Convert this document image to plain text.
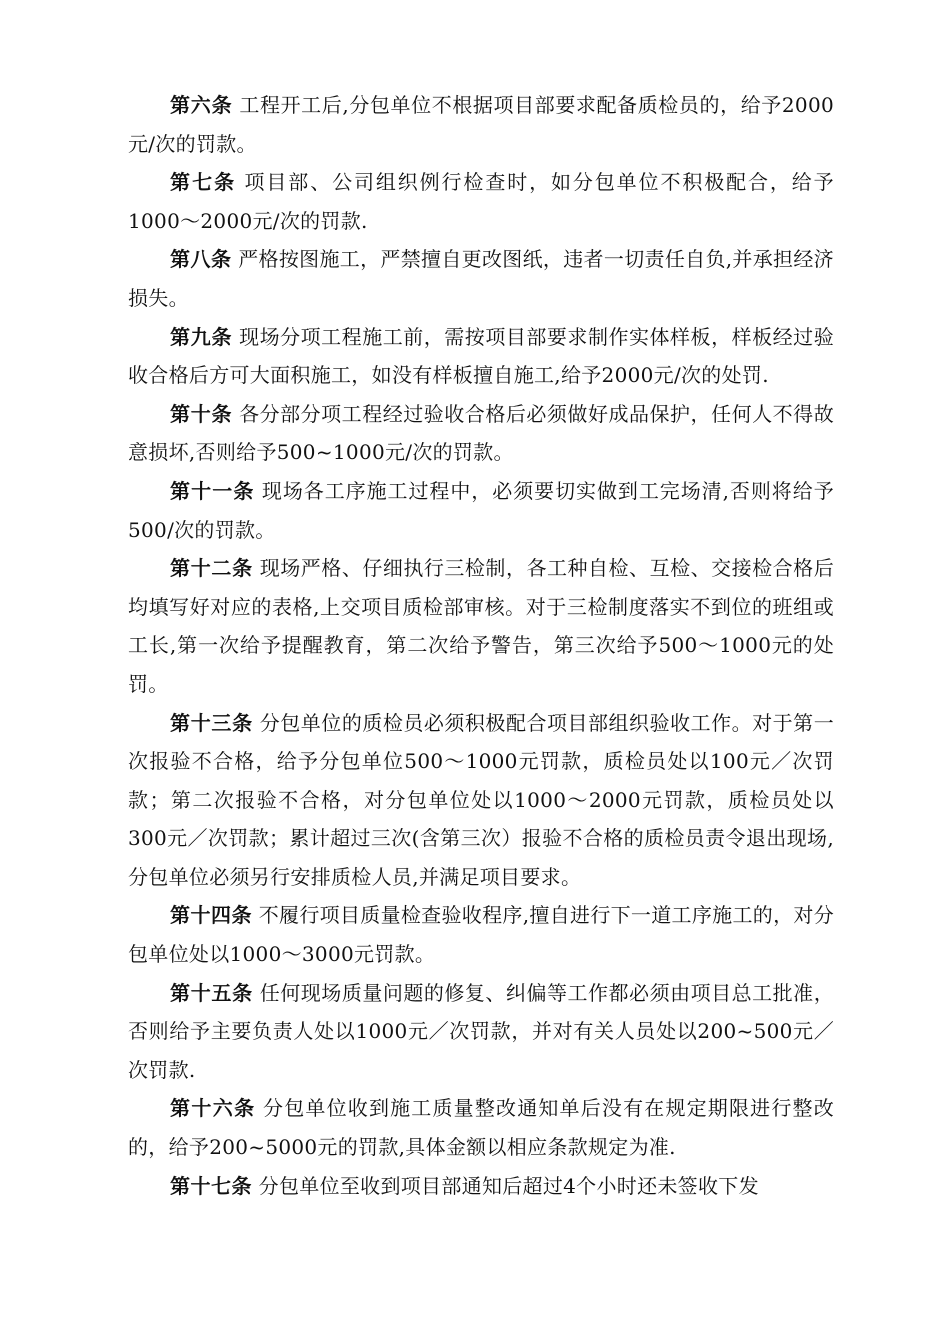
第六条 工程开工后,分包单位不根据项目部要求配备质检员的，给予2000元/次的罚款。

第七条 项目部、公司组织例行检查时，如分包单位不积极配合，给予1000～2000元/次的罚款.

第八条 严格按图施工，严禁擅自更改图纸，违者一切责任自负,并承担经济损失。

第九条 现场分项工程施工前，需按项目部要求制作实体样板，样板经过验收合格后方可大面积施工，如没有样板擅自施工,给予2000元/次的处罚.

第十条 各分部分项工程经过验收合格后必须做好成品保护，任何人不得故意损坏,否则给予500~1000元/次的罚款。

第十一条 现场各工序施工过程中，必须要切实做到工完场清,否则将给予500/次的罚款。

第十二条 现场严格、仔细执行三检制，各工种自检、互检、交接检合格后均填写好对应的表格,上交项目质检部审核。对于三检制度落实不到位的班组或工长,第一次给予提醒教育，第二次给予警告，第三次给予500～1000元的处罚。

第十三条 分包单位的质检员必须积极配合项目部组织验收工作。对于第一次报验不合格，给予分包单位500～1000元罚款，质检员处以100元／次罚款；第二次报验不合格，对分包单位处以1000～2000元罚款，质检员处以300元／次罚款；累计超过三次(含第三次）报验不合格的质检员责令退出现场,分包单位必须另行安排质检人员,并满足项目要求。

第十四条 不履行项目质量检查验收程序,擅自进行下一道工序施工的，对分包单位处以1000～3000元罚款。

第十五条 任何现场质量问题的修复、纠偏等工作都必须由项目总工批准，否则给予主要负责人处以1000元／次罚款，并对有关人员处以200~500元／次罚款.

第十六条 分包单位收到施工质量整改通知单后没有在规定期限进行整改的，给予200~5000元的罚款,具体金额以相应条款规定为准.

第十七条 分包单位至收到项目部通知后超过4个小时还未签收下发
